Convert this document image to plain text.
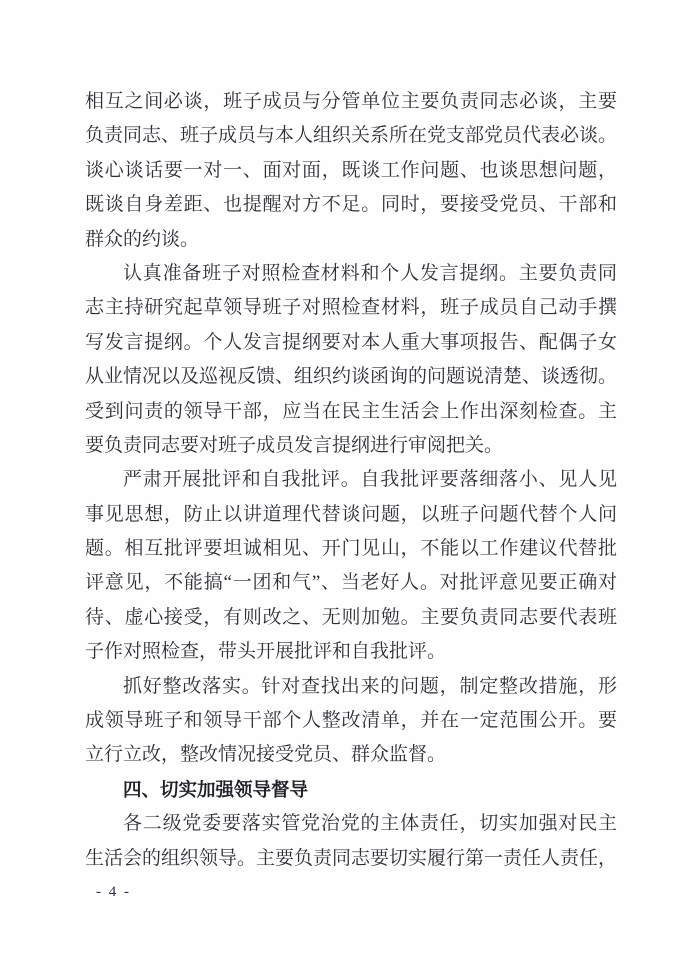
相互之间必谈，班子成员与分管单位主要负责同志必谈，主要
负责同志、班子成员与本人组织关系所在党支部党员代表必谈。
谈心谈话要一对一、面对面，既谈工作问题、也谈思想问题，
既谈自身差距、也提醒对方不足。同时，要接受党员、干部和
群众的约谈。
认真准备班子对照检查材料和个人发言提纲。主要负责同
志主持研究起草领导班子对照检查材料，班子成员自己动手撰
写发言提纲。个人发言提纲要对本人重大事项报告、配偶子女
从业情况以及巡视反馈、组织约谈函询的问题说清楚、谈透彻。
受到问责的领导干部，应当在民主生活会上作出深刻检查。主
要负责同志要对班子成员发言提纲进行审阅把关。
严肃开展批评和自我批评。自我批评要落细落小、见人见
事见思想，防止以讲道理代替谈问题，以班子问题代替个人问
题。相互批评要坦诚相见、开门见山，不能以工作建议代替批
评意见，不能搞“一团和气”、当老好人。对批评意见要正确对
待、虚心接受，有则改之、无则加勉。主要负责同志要代表班
子作对照检查，带头开展批评和自我批评。
抓好整改落实。针对查找出来的问题，制定整改措施，形
成领导班子和领导干部个人整改清单，并在一定范围公开。要
立行立改，整改情况接受党员、群众监督。
四、切实加强领导督导
各二级党委要落实管党治党的主体责任，切实加强对民主
生活会的组织领导。主要负责同志要切实履行第一责任人责任，
- 4 -
